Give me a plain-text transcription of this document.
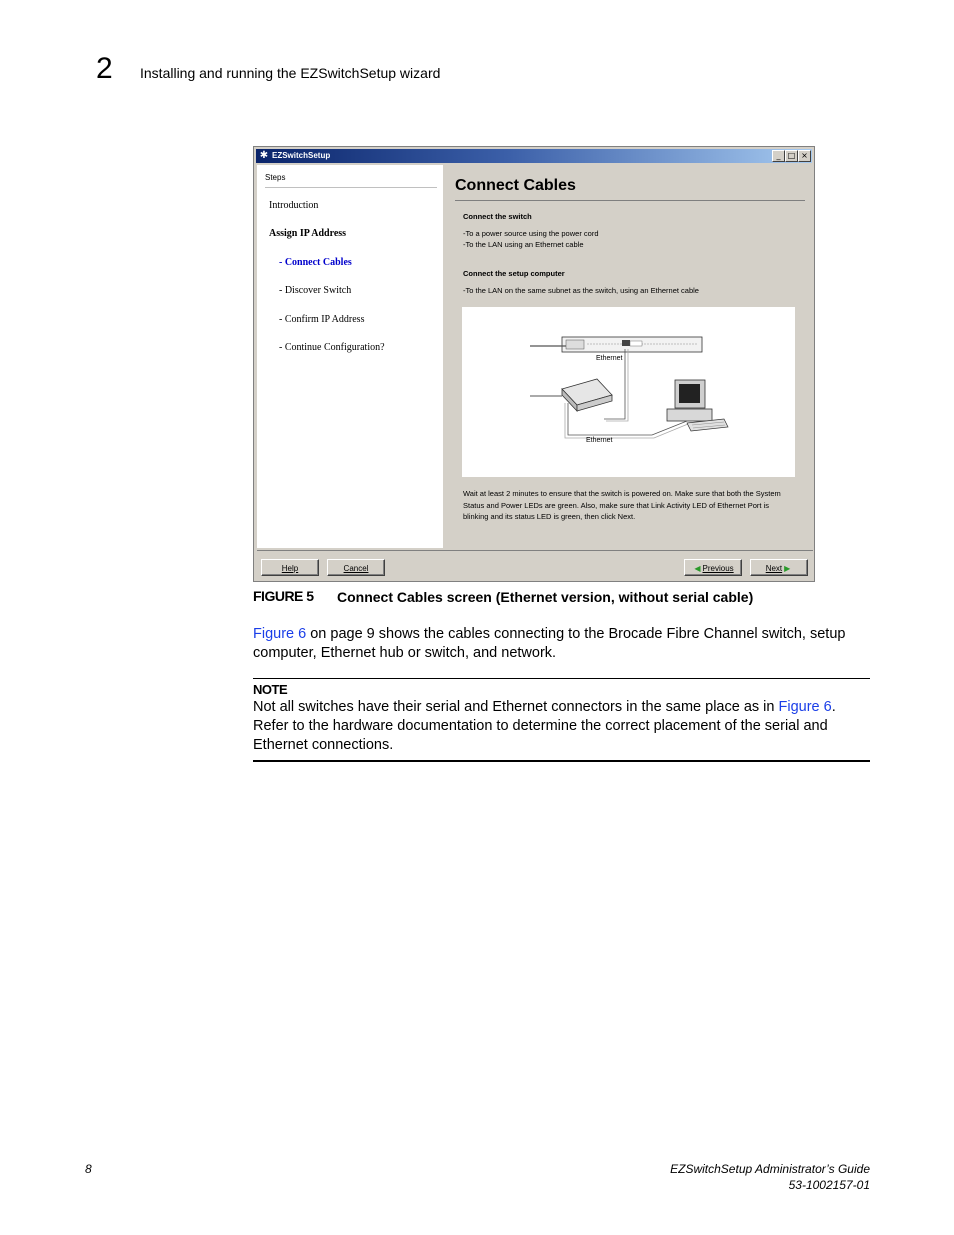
2 Installing and running the EZSwitchSetup wizard
✱ EZSwitchSetup	_ □ ×
Steps
Introduction
Assign IP Address
- Connect Cables
- Discover Switch
- Confirm IP Address
- Continue Configuration?
Connect Cables
Connect the switch
-To a power source using the power cord
-To the LAN using an Ethernet cable
Connect the setup computer
-To the LAN on the same subnet as the switch, using an Ethernet cable
Ethernet
Ethernet
Wait at least 2 minutes to ensure that the switch is powered on. Make sure that both the System Status and Power LEDs are green. Also, make sure that Link Activity LED of Ethernet Port is blinking and its status LED is green, then click Next.
Help	Cancel	◀ Previous	Next ▶
FIGURE 5 Connect Cables screen (Ethernet version, without serial cable)
Figure 6 on page 9 shows the cables connecting to the Brocade Fibre Channel switch, setup computer, Ethernet hub or switch, and network.
NOTE
Not all switches have their serial and Ethernet connectors in the same place as in Figure 6. Refer to the hardware documentation to determine the correct placement of the serial and Ethernet connections.
8	EZSwitchSetup Administrator’s Guide
53-1002157-01
